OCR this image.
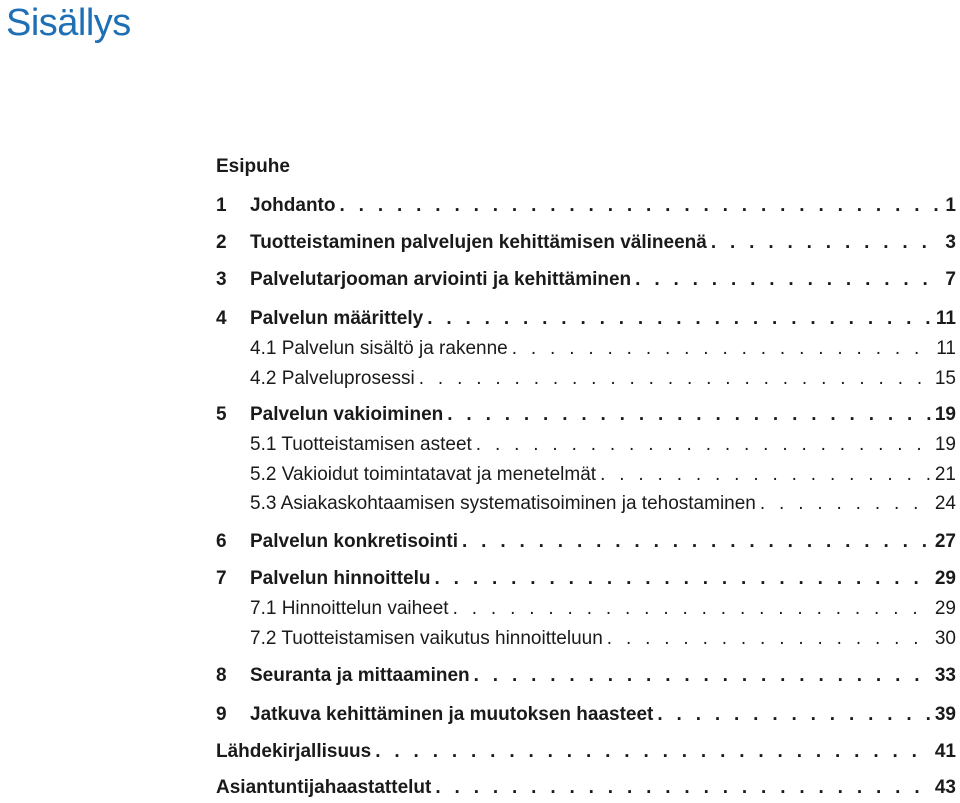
Sisällys
Esipuhe
1	Johdanto . . .	1
2	Tuotteistaminen palvelujen kehittämisen välineenä . . .	3
3	Palvelutarjooman arviointi ja kehittäminen . . .	7
4	Palvelun määrittely . . .	11
4.1 Palvelun sisältö ja rakenne . . .	11
4.2 Palveluprosessi . . .	15
5	Palvelun vakioiminen . . .	19
5.1 Tuotteistamisen asteet . . .	19
5.2 Vakioidut toimintatavat ja menetelmät . . .	21
5.3 Asiakaskohtaamisen systematisoiminen ja tehostaminen . . .	24
6	Palvelun konkretisointi . . .	27
7	Palvelun hinnoittelu . . .	29
7.1 Hinnoittelun vaiheet . . .	29
7.2 Tuotteistamisen vaikutus hinnoitteluun . . .	30
8	Seuranta ja mittaaminen . . .	33
9	Jatkuva kehittäminen ja muutoksen haasteet . . .	39
Lähdekirjallisuus . . .	41
Asiantuntijahaastattelut . . .	43
